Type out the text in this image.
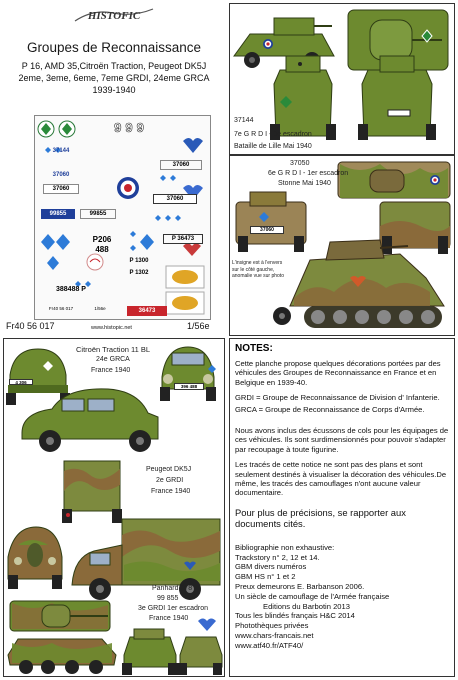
HISTOFIC
Groupes de Reconnaissance
P 16, AMD 35,Citroën Traction, Peugeot DK5J
2eme, 3eme, 6eme, 7eme GRDI, 24eme GRCA
1939-1940
999
37144
37060
37060
99855	99855
37060
37060
P206
488
P 1300
P 1302
388488 P
P 36473
36473
Fr40 56 017	1/56e
Fr40 56 017	www.histopic.net	1/56e
37144
7e G R D I - 3e escadron
Bataille de Lille Mai 1940
37050
6e G R D I - 1er escadron
Stonne Mai 1940
37060
L'insigne est à l'envers sur le côté gauche, anomalie vue sur photo
Citroën Traction 11 BL
24e GRCA
France 1940
4 306
396 488
Peugeot DK5J
2e GRDI
France 1940
Panhard 178
99 855
3e GRDI 1er escadron
France 1940
NOTES:

Cette planche propose quelques décorations portées par des véhicules des Groupes de Reconnaissance en France et en Belgique en 1939-40.

GRDI = Groupe de Reconnaissance de Division d' Infanterie.

GRCA = Groupe de Reconnaissance de Corps d'Armée.

Nous avons inclus des écussons de cols pour les équipages de ces véhicules. Ils sont surdimensionnés pour pouvoir s'adapter par recoupage à toute figurine.

Les tracés de cette notice ne sont pas des plans et sont seulement destinés à visualiser la décoration des véhicules.De même, les tracés des camouflages n'ont aucune valeur documentaire.

Pour plus de précisions, se rapporter aux documents cités.

Bibliographie non exhaustive:

Trackstory n° 2, 12 et 14.

GBM divers numéros

GBM HS n° 1 et 2

Preux demeurons E. Barbanson 2006.

Un siècle de camouflage de l'Armée française

Editions du Barbotin 2013

Tous les blindés français H&C 2014

Photothèques privées

www.chars-francais.net

www.atf40.fr/ATF40/
